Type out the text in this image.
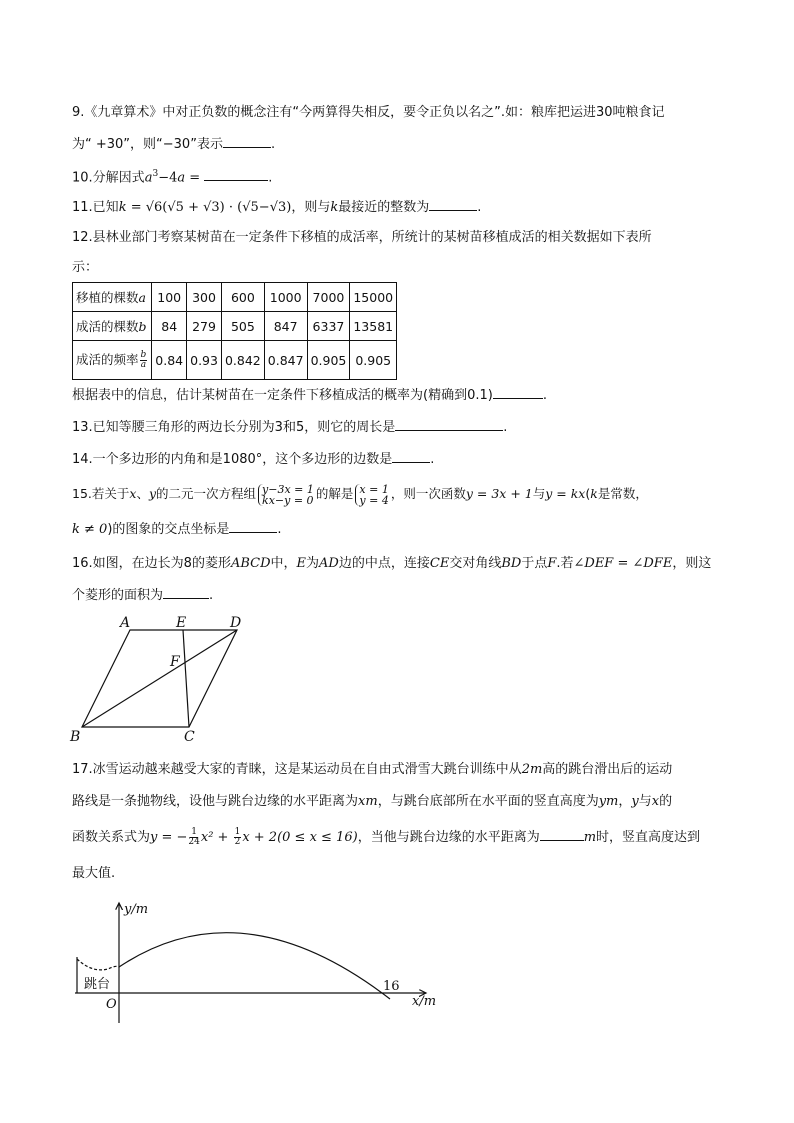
9.《九章算术》中对正负数的概念注有“今两算得失相反，要令正负以名之”.如：粮库把运进30吨粮食记
为“ +30”，则“−30”表示	.
10.分解因式$a^3-4a$ =	.
11.已知k = √6(√5 + √3) · (√5−√3)，则与k最接近的整数为	.
12.县林业部门考察某树苗在一定条件下移植的成活率，所统计的某树苗移植成活的相关数据如下表所
示：
移植的棵数a	100	300	600	1000	7000	15000
成活的棵数b	84	279	505	847	6337	13581
成活的频率 $\frac{b}{a}$	0.84	0.93	0.842	0.847	0.905	0.905
根据表中的信息，估计某树苗在一定条件下移植成活的概率为(精确到0.1)	.
13.已知等腰三角形的两边长分别为3和5，则它的周长是	.
14.一个多边形的内角和是1080°，这个多边形的边数是	.
15.若关于x、y的二元一次方程组 y−3x = 1
kx−y = 0 的解是 x = 1
y = 4 ，则一次函数y = 3x + 1与y = kx(k是常数，
k ≠ 0)的图象的交点坐标是	.
16.如图，在边长为8的菱形ABCD中，E为AD边的中点，连接CE交对角线BD于点F.若∠DEF = ∠DFE，则这
个菱形的面积为	.
A	E	D
F
B	C
17.冰雪运动越来越受大家的青睐，这是某运动员在自由式滑雪大跳台训练中从2m高的跳台滑出后的运动
路线是一条抛物线，设他与跳台边缘的水平距离为xm，与跳台底部所在水平面的竖直高度为ym，y与x的
函数关系式为y = − $\frac{1}{24} x^2 + \frac{1}{2}$ x + 2(0 ≤ x ≤ 16)，当他与跳台边缘的水平距离为	m时，竖直高度达到
最大值.
y/m
x/m
O
16
跳台
